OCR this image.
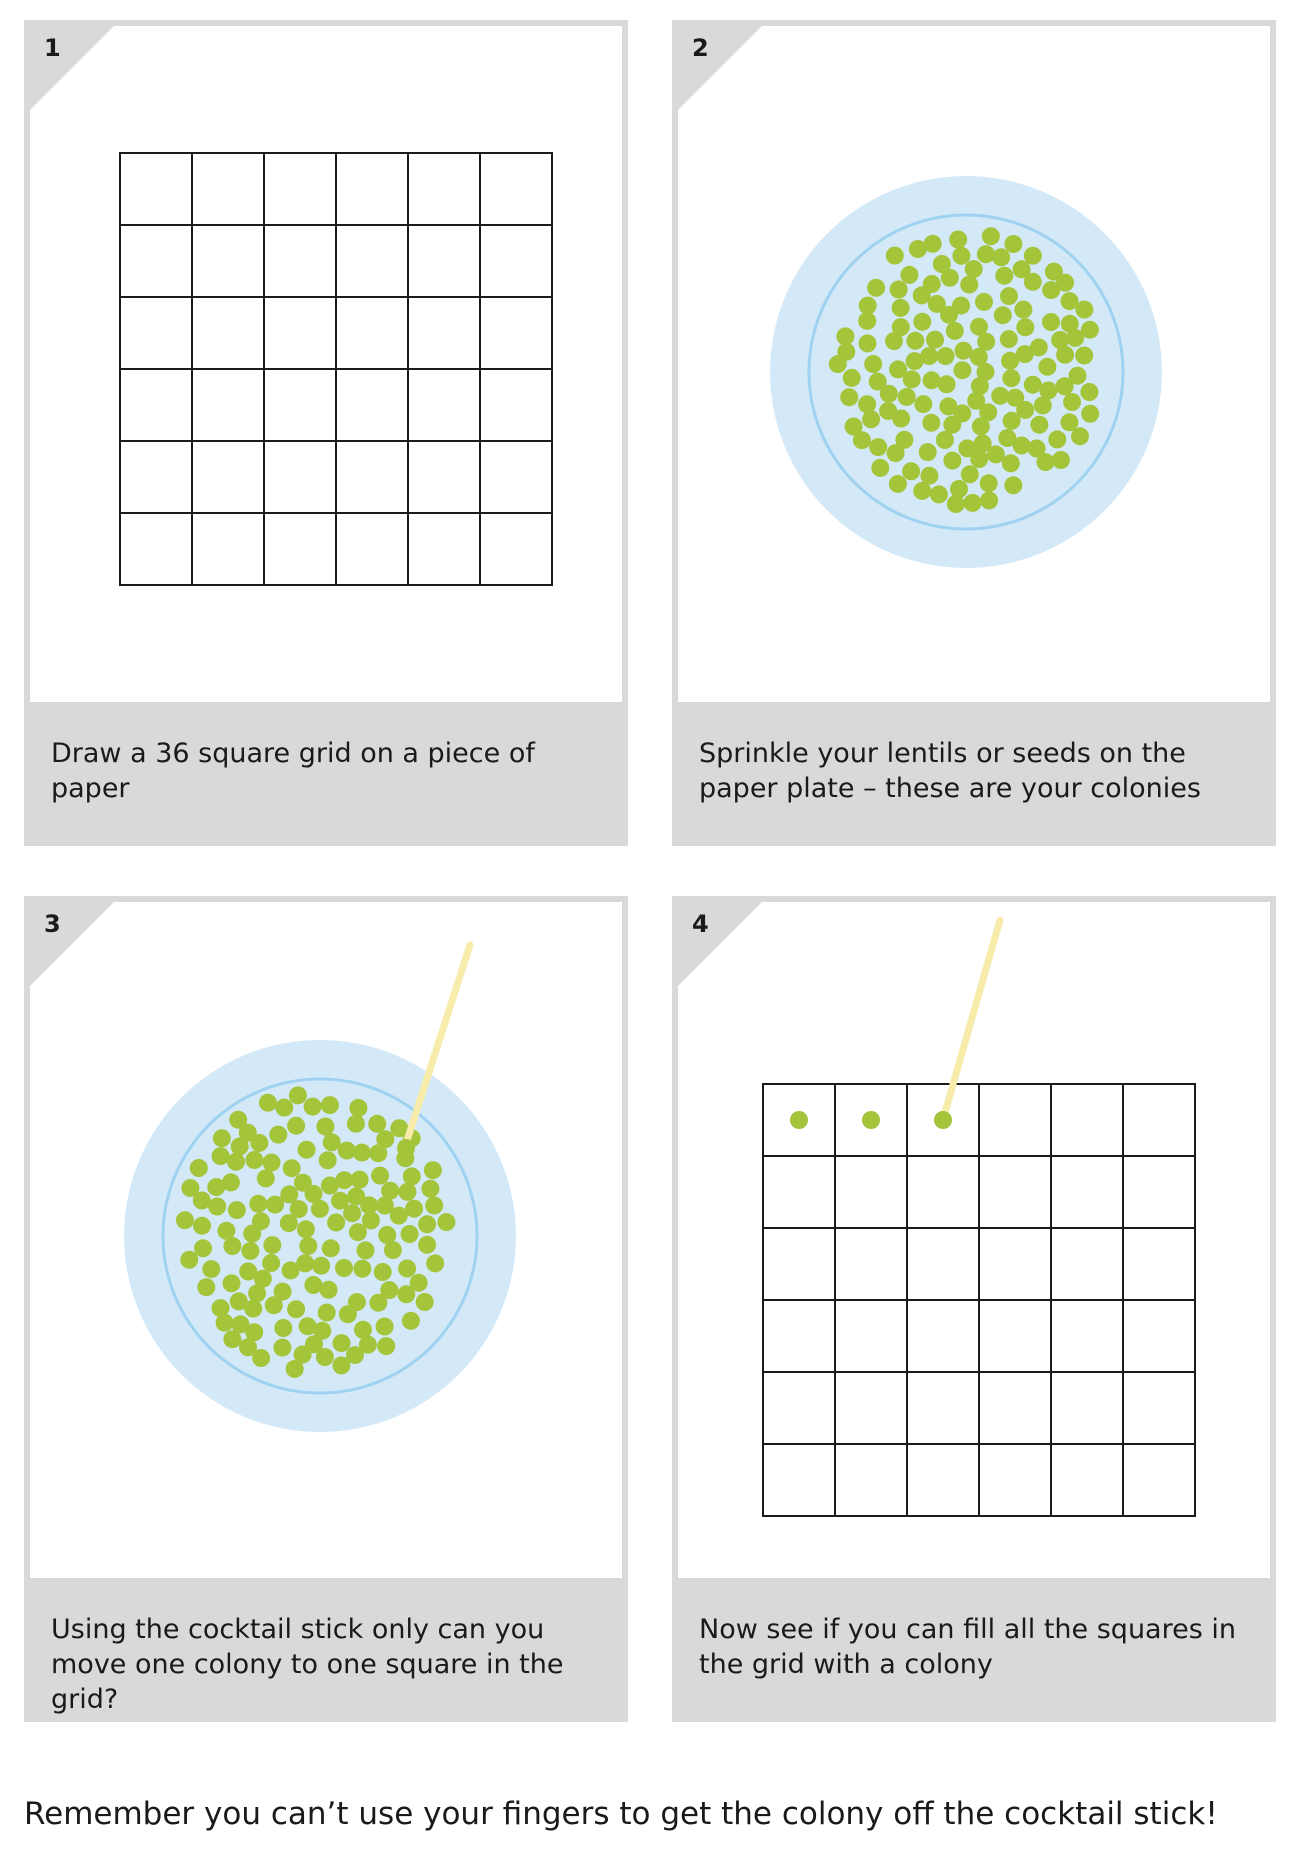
1
Draw a 36 square grid on a piece of paper
2
Sprinkle your lentils or seeds on the paper plate – these are your colonies
3
Using the cocktail stick only can you move one colony to one square in the grid?
4
Now see if you can fill all the squares in the grid with a colony
Remember you can’t use your fingers to get the colony off the cocktail stick!
